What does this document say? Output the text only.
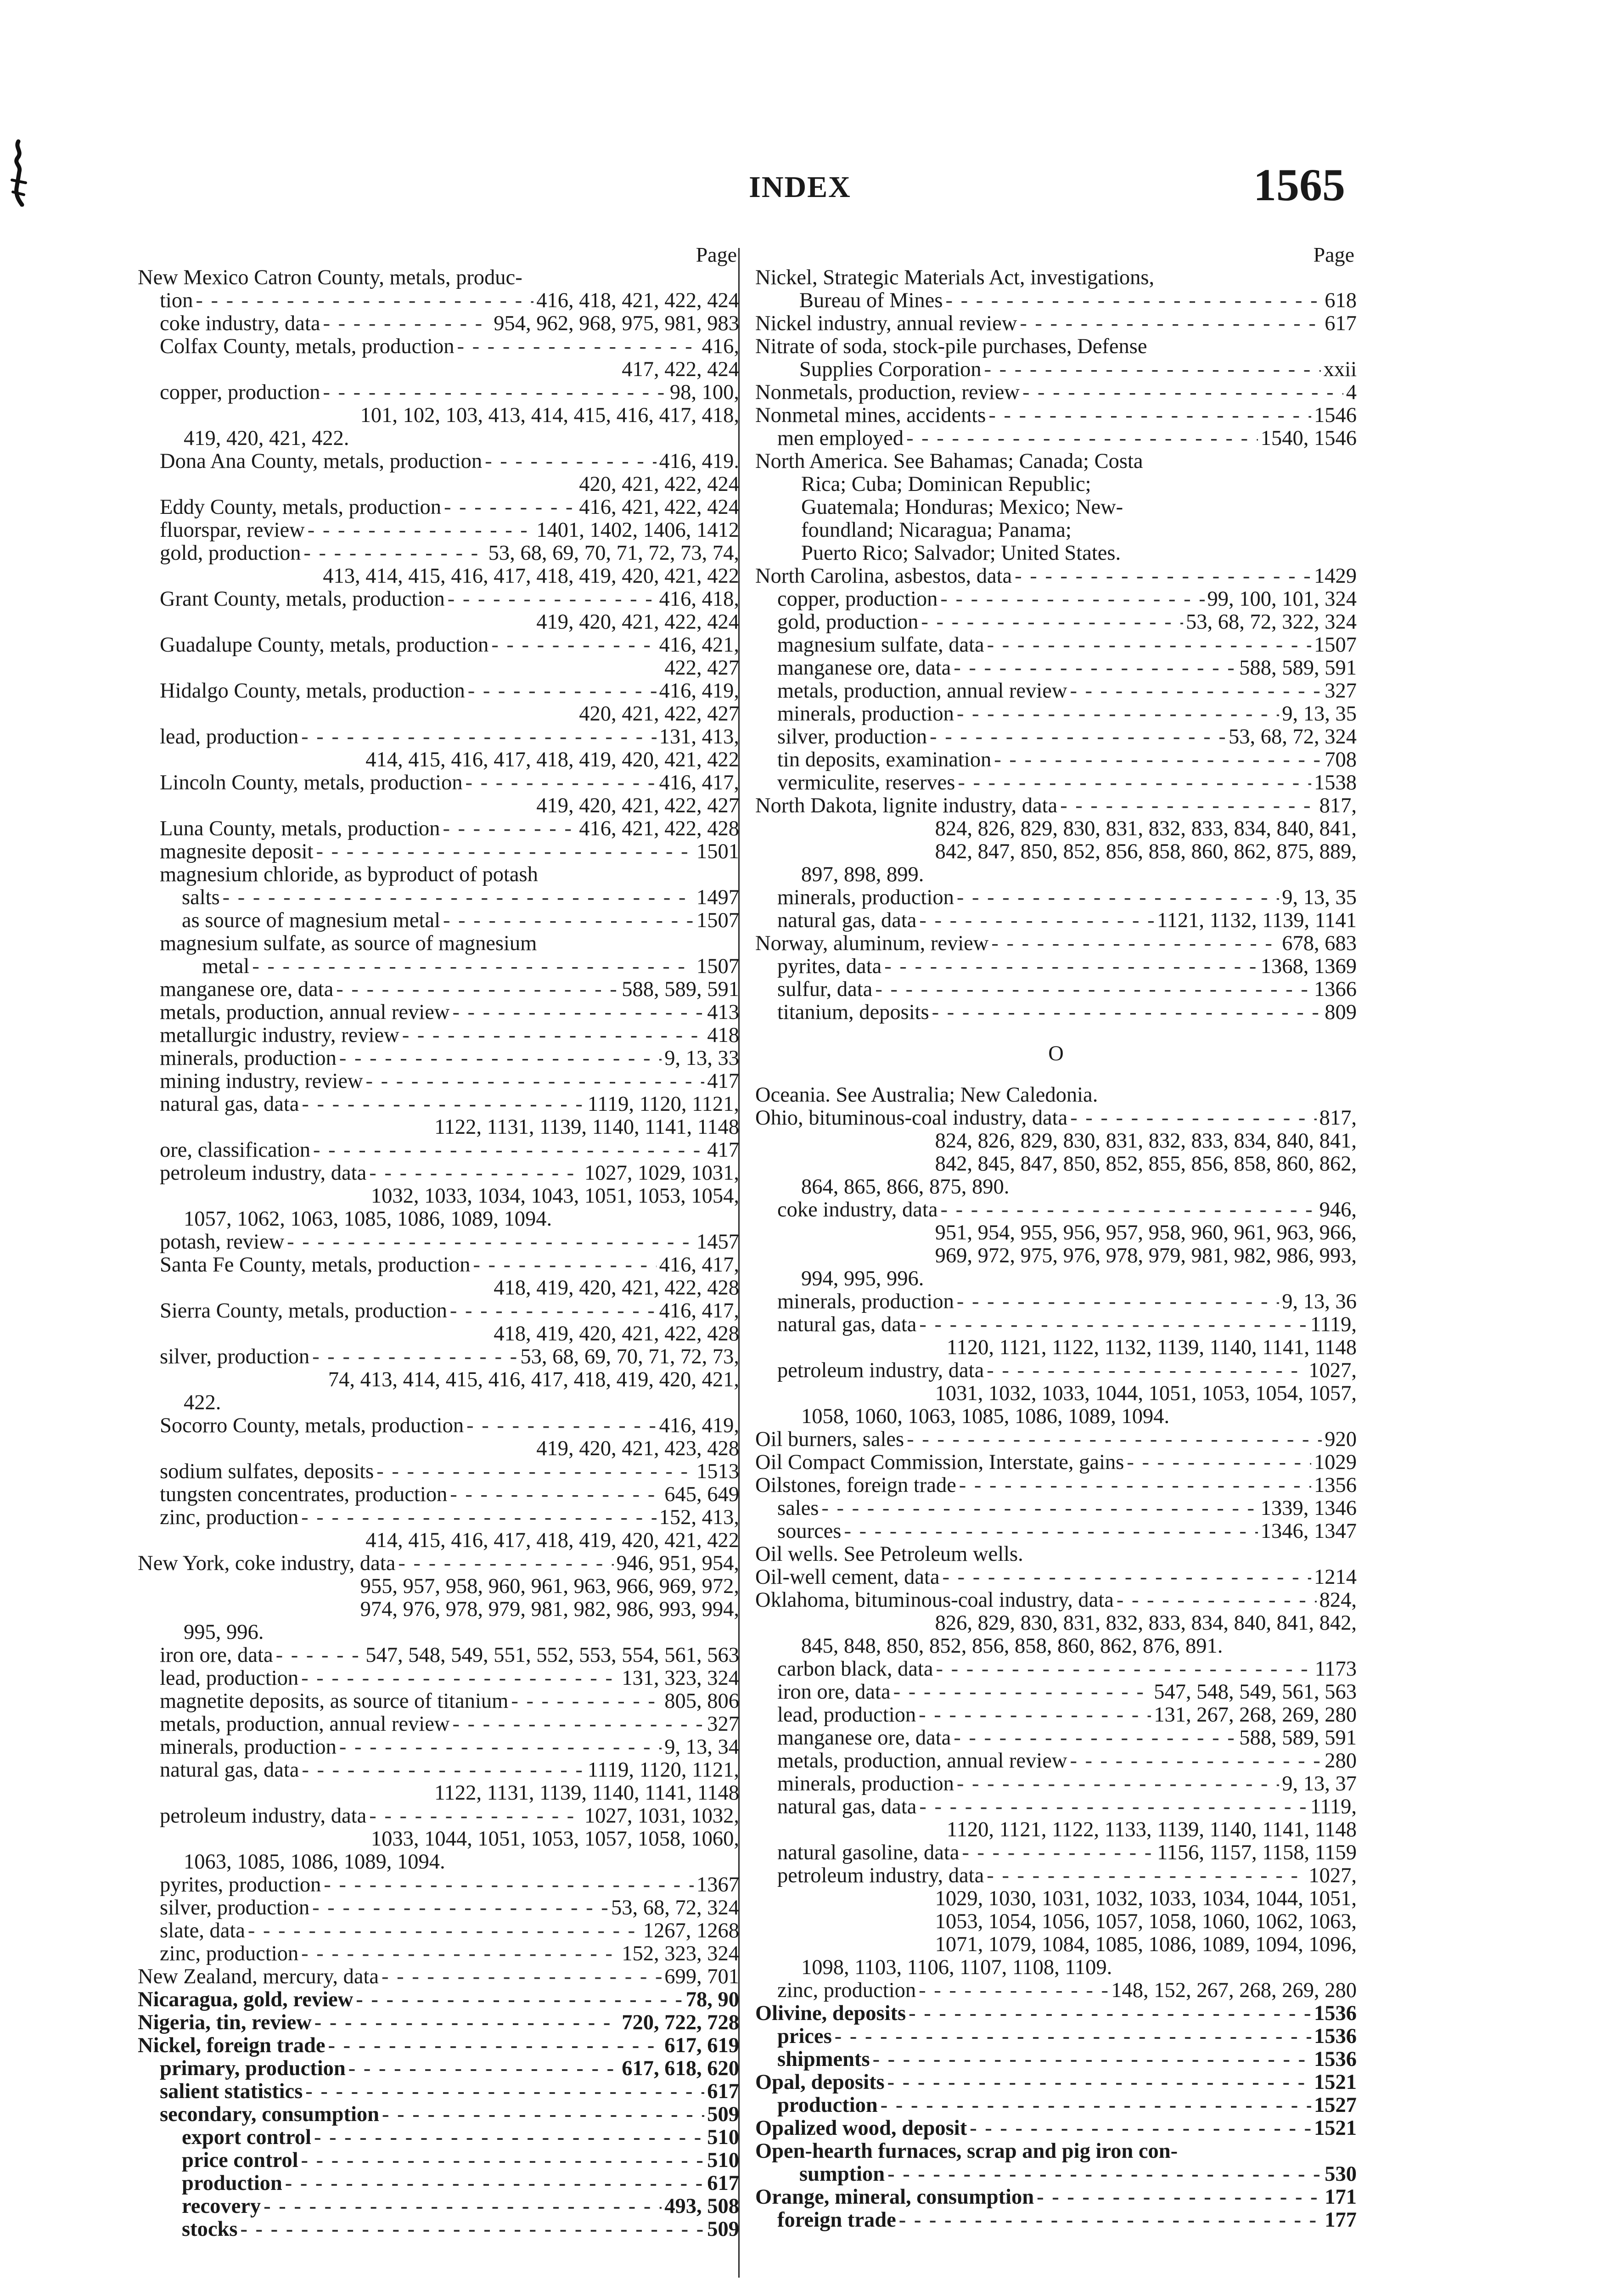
INDEX	1565
Page
New Mexico Catron County, metals, produc-
tion - - -	416, 418, 421, 422, 424
coke industry, data - - -	954, 962, 968, 975, 981, 983
Colfax County, metals, production - - -	416,
417, 422, 424
copper, production - - -	98, 100,
101, 102, 103, 413, 414, 415, 416, 417, 418,
419, 420, 421, 422.
Dona Ana County, metals, production - - -	416, 419.
420, 421, 422, 424
Eddy County, metals, production - - -	416, 421, 422, 424
fluorspar, review - - -	1401, 1402, 1406, 1412
gold, production - - -	53, 68, 69, 70, 71, 72, 73, 74,
413, 414, 415, 416, 417, 418, 419, 420, 421, 422
Grant County, metals, production - - -	416, 418,
419, 420, 421, 422, 424
Guadalupe County, metals, production - - -	416, 421,
422, 427
Hidalgo County, metals, production - - -	416, 419,
420, 421, 422, 427
lead, production - - -	131, 413,
414, 415, 416, 417, 418, 419, 420, 421, 422
Lincoln County, metals, production - - -	416, 417,
419, 420, 421, 422, 427
Luna County, metals, production - - -	416, 421, 422, 428
magnesite deposit - - -	1501
magnesium chloride, as byproduct of potash
salts - - -	1497
as source of magnesium metal - - -	1507
magnesium sulfate, as source of magnesium
metal - - -	1507
manganese ore, data - - -	588, 589, 591
metals, production, annual review - - -	413
metallurgic industry, review - - -	418
minerals, production - - -	9, 13, 33
mining industry, review - - -	417
natural gas, data - - -	1119, 1120, 1121,
1122, 1131, 1139, 1140, 1141, 1148
ore, classification - - -	417
petroleum industry, data - - -	1027, 1029, 1031,
1032, 1033, 1034, 1043, 1051, 1053, 1054,
1057, 1062, 1063, 1085, 1086, 1089, 1094.
potash, review - - -	1457
Santa Fe County, metals, production - - -	416, 417,
418, 419, 420, 421, 422, 428
Sierra County, metals, production - - -	416, 417,
418, 419, 420, 421, 422, 428
silver, production - - -	53, 68, 69, 70, 71, 72, 73,
74, 413, 414, 415, 416, 417, 418, 419, 420, 421,
422.
Socorro County, metals, production - - -	416, 419,
419, 420, 421, 423, 428
sodium sulfates, deposits - - -	1513
tungsten concentrates, production - - -	645, 649
zinc, production - - -	152, 413,
414, 415, 416, 417, 418, 419, 420, 421, 422
New York, coke industry, data - - -	946, 951, 954,
955, 957, 958, 960, 961, 963, 966, 969, 972,
974, 976, 978, 979, 981, 982, 986, 993, 994,
995, 996.
iron ore, data - - -	547, 548, 549, 551, 552, 553, 554, 561, 563
lead, production - - -	131, 323, 324
magnetite deposits, as source of titanium - - -	805, 806
metals, production, annual review - - -	327
minerals, production - - -	9, 13, 34
natural gas, data - - -	1119, 1120, 1121,
1122, 1131, 1139, 1140, 1141, 1148
petroleum industry, data - - -	1027, 1031, 1032,
1033, 1044, 1051, 1053, 1057, 1058, 1060,
1063, 1085, 1086, 1089, 1094.
pyrites, production - - -	1367
silver, production - - -	53, 68, 72, 324
slate, data - - -	1267, 1268
zinc, production - - -	152, 323, 324
New Zealand, mercury, data - - -	699, 701
Nicaragua, gold, review - - -	78, 90
Nigeria, tin, review - - -	720, 722, 728
Nickel, foreign trade - - -	617, 619
primary, production - - -	617, 618, 620
salient statistics - - -	617
secondary, consumption - - -	509
export control - - -	510
price control - - -	510
production - - -	617
recovery - - -	493, 508
stocks - - -	509
Page
Nickel, Strategic Materials Act, investigations,
Bureau of Mines - - -	618
Nickel industry, annual review - - -	617
Nitrate of soda, stock-pile purchases, Defense
Supplies Corporation - - -	xxii
Nonmetals, production, review - - -	4
Nonmetal mines, accidents - - -	1546
men employed - - -	1540, 1546
North America. See Bahamas; Canada; Costa
Rica; Cuba; Dominican Republic;
Guatemala; Honduras; Mexico; New-
foundland; Nicaragua; Panama;
Puerto Rico; Salvador; United States.
North Carolina, asbestos, data - - -	1429
copper, production - - -	99, 100, 101, 324
gold, production - - -	53, 68, 72, 322, 324
magnesium sulfate, data - - -	1507
manganese ore, data - - -	588, 589, 591
metals, production, annual review - - -	327
minerals, production - - -	9, 13, 35
silver, production - - -	53, 68, 72, 324
tin deposits, examination - - -	708
vermiculite, reserves - - -	1538
North Dakota, lignite industry, data - - -	817,
824, 826, 829, 830, 831, 832, 833, 834, 840, 841,
842, 847, 850, 852, 856, 858, 860, 862, 875, 889,
897, 898, 899.
minerals, production - - -	9, 13, 35
natural gas, data - - -	1121, 1132, 1139, 1141
Norway, aluminum, review - - -	678, 683
pyrites, data - - -	1368, 1369
sulfur, data - - -	1366
titanium, deposits - - -	809
O
Oceania. See Australia; New Caledonia.
Ohio, bituminous-coal industry, data - - -	817,
824, 826, 829, 830, 831, 832, 833, 834, 840, 841,
842, 845, 847, 850, 852, 855, 856, 858, 860, 862,
864, 865, 866, 875, 890.
coke industry, data - - -	946,
951, 954, 955, 956, 957, 958, 960, 961, 963, 966,
969, 972, 975, 976, 978, 979, 981, 982, 986, 993,
994, 995, 996.
minerals, production - - -	9, 13, 36
natural gas, data - - -	1119,
1120, 1121, 1122, 1132, 1139, 1140, 1141, 1148
petroleum industry, data - - -	1027,
1031, 1032, 1033, 1044, 1051, 1053, 1054, 1057,
1058, 1060, 1063, 1085, 1086, 1089, 1094.
Oil burners, sales - - -	920
Oil Compact Commission, Interstate, gains - - -	1029
Oilstones, foreign trade - - -	1356
sales - - -	1339, 1346
sources - - -	1346, 1347
Oil wells. See Petroleum wells.
Oil-well cement, data - - -	1214
Oklahoma, bituminous-coal industry, data - - -	824,
826, 829, 830, 831, 832, 833, 834, 840, 841, 842,
845, 848, 850, 852, 856, 858, 860, 862, 876, 891.
carbon black, data - - -	1173
iron ore, data - - -	547, 548, 549, 561, 563
lead, production - - -	131, 267, 268, 269, 280
manganese ore, data - - -	588, 589, 591
metals, production, annual review - - -	280
minerals, production - - -	9, 13, 37
natural gas, data - - -	1119,
1120, 1121, 1122, 1133, 1139, 1140, 1141, 1148
natural gasoline, data - - -	1156, 1157, 1158, 1159
petroleum industry, data - - -	1027,
1029, 1030, 1031, 1032, 1033, 1034, 1044, 1051,
1053, 1054, 1056, 1057, 1058, 1060, 1062, 1063,
1071, 1079, 1084, 1085, 1086, 1089, 1094, 1096,
1098, 1103, 1106, 1107, 1108, 1109.
zinc, production - - -	148, 152, 267, 268, 269, 280
Olivine, deposits - - -	1536
prices - - -	1536
shipments - - -	1536
Opal, deposits - - -	1521
production - - -	1527
Opalized wood, deposit - - -	1521
Open-hearth furnaces, scrap and pig iron con-
sumption - - -	530
Orange, mineral, consumption - - -	171
foreign trade - - -	177
